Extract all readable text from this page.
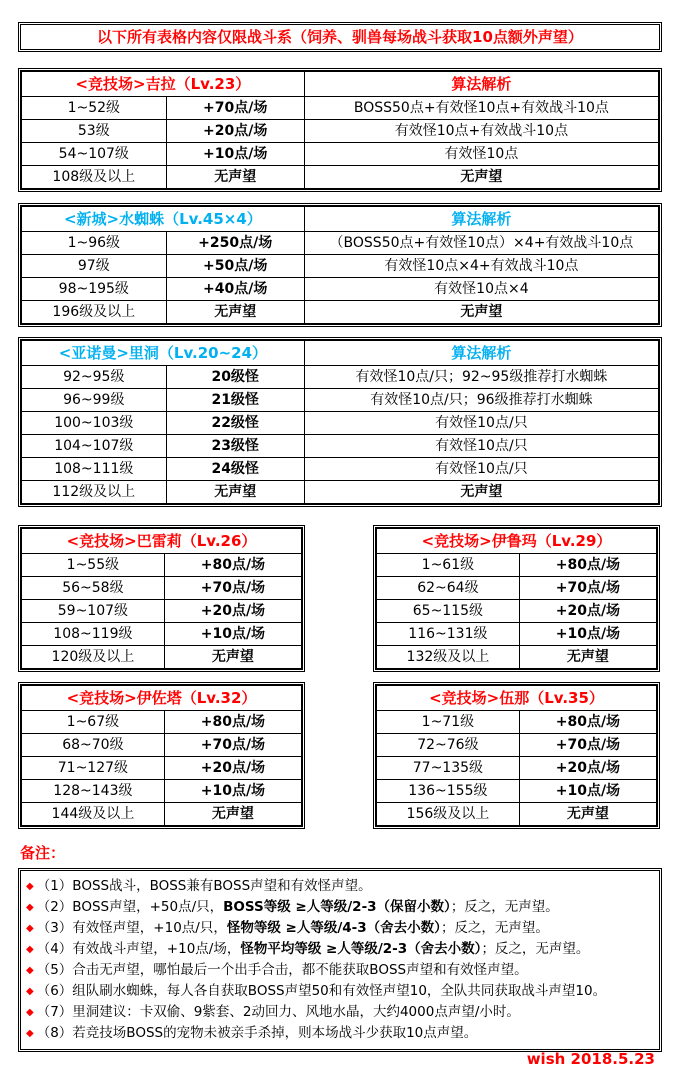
以下所有表格内容仅限战斗系（饲养、驯兽每场战斗获取10点额外声望）
<竞技场>吉拉（Lv.23）		算法解析
1~52级	+70点/场	BOSS50点+有效怪10点+有效战斗10点
53级	+20点/场	有效怪10点+有效战斗10点
54~107级	+10点/场	有效怪10点
108级及以上	无声望	无声望
<新城>水蜘蛛（Lv.45×4）		算法解析
1~96级	+250点/场	（BOSS50点+有效怪10点）×4+有效战斗10点
97级	+50点/场	有效怪10点×4+有效战斗10点
98~195级	+40点/场	有效怪10点×4
196级及以上	无声望	无声望
<亚诺曼>里洞（Lv.20~24）		算法解析
92~95级	20级怪	有效怪10点/只；92~95级推荐打水蜘蛛
96~99级	21级怪	有效怪10点/只；96级推荐打水蜘蛛
100~103级	22级怪	有效怪10点/只
104~107级	23级怪	有效怪10点/只
108~111级	24级怪	有效怪10点/只
112级及以上	无声望	无声望
<竞技场>巴雷莉（Lv.26）	
1~55级	+80点/场
56~58级	+70点/场
59~107级	+20点/场
108~119级	+10点/场
120级及以上	无声望
<竞技场>伊鲁玛（Lv.29）	
1~61级	+80点/场
62~64级	+70点/场
65~115级	+20点/场
116~131级	+10点/场
132级及以上	无声望
<竞技场>伊佐塔（Lv.32）	
1~67级	+80点/场
68~70级	+70点/场
71~127级	+20点/场
128~143级	+10点/场
144级及以上	无声望
<竞技场>伍那（Lv.35）	
1~71级	+80点/场
72~76级	+70点/场
77~135级	+20点/场
136~155级	+10点/场
156级及以上	无声望
备注：
◆ （1）BOSS战斗，BOSS兼有BOSS声望和有效怪声望。
◆ （2）BOSS声望，+50点/只，BOSS等级 ≥人等级/2-3（保留小数）；反之，无声望。
◆ （3）有效怪声望，+10点/只，怪物等级 ≥人等级/4-3（舍去小数）；反之，无声望。
◆ （4）有效战斗声望，+10点/场，怪物平均等级 ≥人等级/2-3（舍去小数）；反之，无声望。
◆ （5）合击无声望，哪怕最后一个出手合击，都不能获取BOSS声望和有效怪声望。
◆ （6）组队刷水蜘蛛，每人各自获取BOSS声望50和有效怪声望10，全队共同获取战斗声望10。
◆ （7）里洞建议：卡双偷、9紫套、2动回力、风地水晶，大约4000点声望/小时。
◆ （8）若竞技场BOSS的宠物未被亲手杀掉，则本场战斗少获取10点声望。
wish 2018.5.23
